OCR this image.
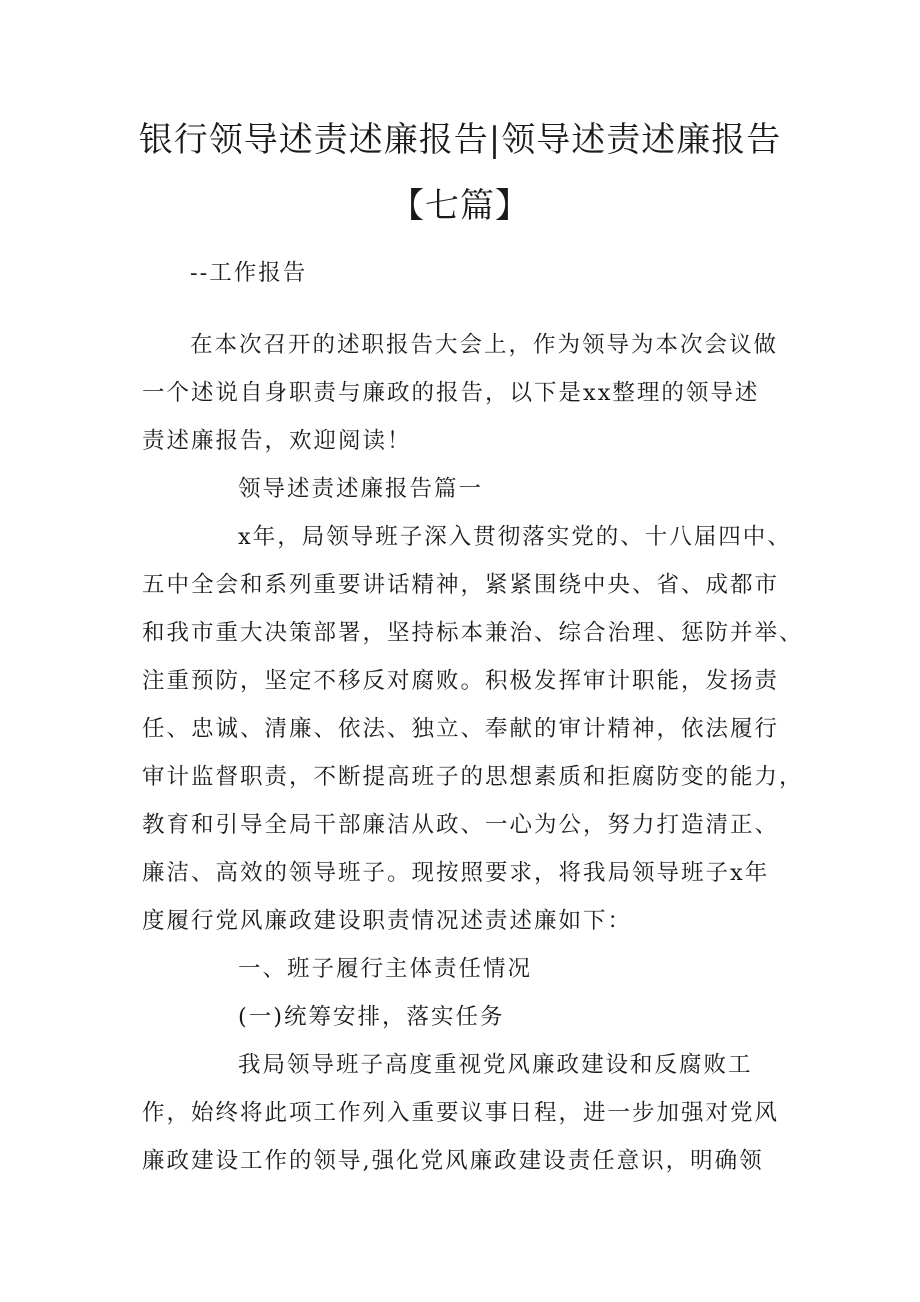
银行领导述责述廉报告|领导述责述廉报告
【七篇】
--工作报告
在本次召开的述职报告大会上，作为领导为本次会议做
一个述说自身职责与廉政的报告，以下是xx整理的领导述
责述廉报告，欢迎阅读！
领导述责述廉报告篇一
x年，局领导班子深入贯彻落实党的、十八届四中、
五中全会和系列重要讲话精神，紧紧围绕中央、省、成都市
和我市重大决策部署，坚持标本兼治、综合治理、惩防并举、
注重预防，坚定不移反对腐败。积极发挥审计职能，发扬责
任、忠诚、清廉、依法、独立、奉献的审计精神，依法履行
审计监督职责，不断提高班子的思想素质和拒腐防变的能力，
教育和引导全局干部廉洁从政、一心为公，努力打造清正、
廉洁、高效的领导班子。现按照要求，将我局领导班子x年
度履行党风廉政建设职责情况述责述廉如下：
一、班子履行主体责任情况
(一)统筹安排，落实任务
我局领导班子高度重视党风廉政建设和反腐败工
作，始终将此项工作列入重要议事日程，进一步加强对党风
廉政建设工作的领导,强化党风廉政建设责任意识，明确领
